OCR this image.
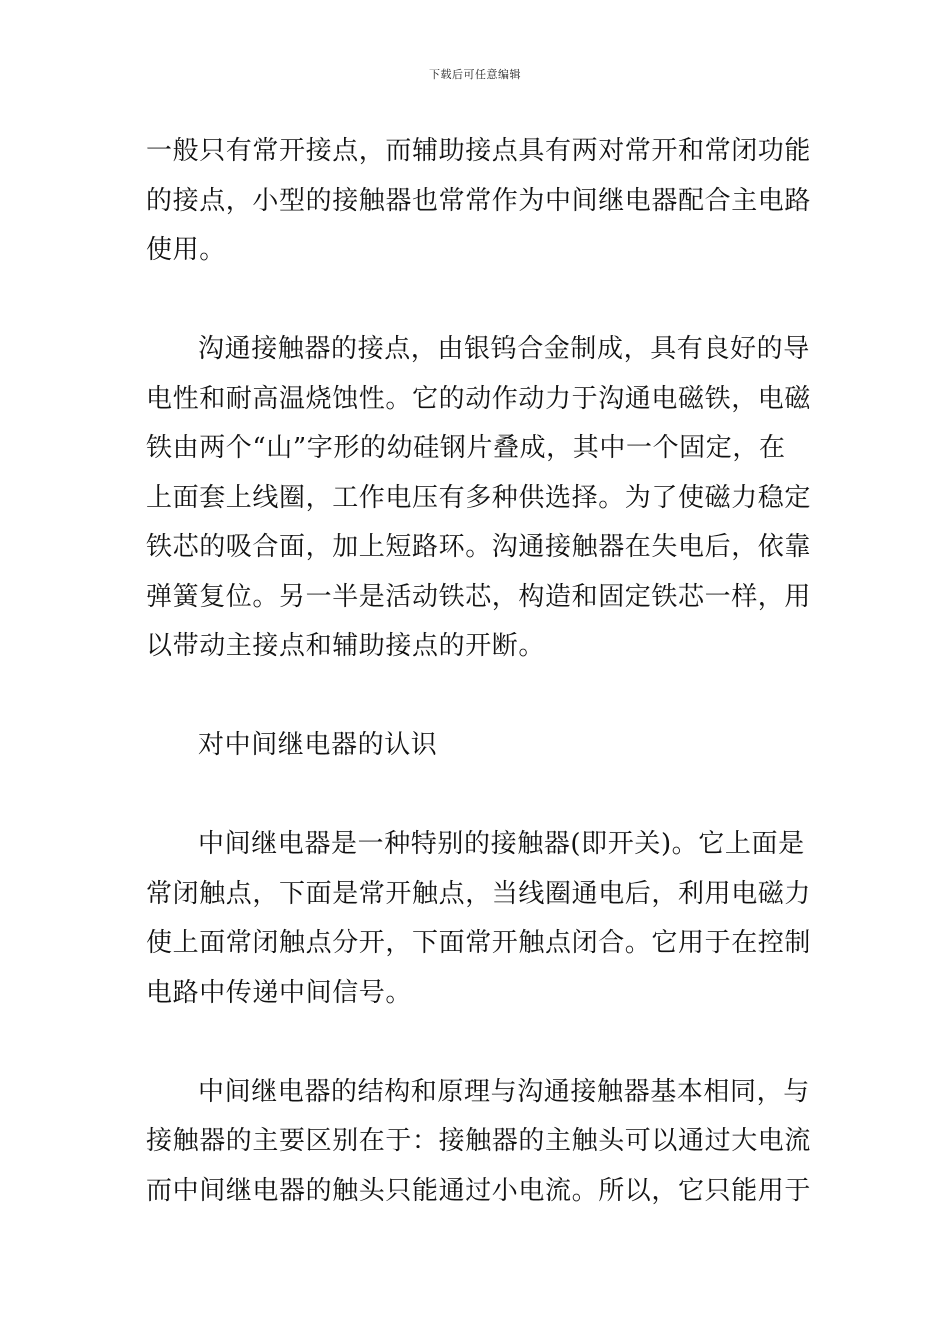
下载后可任意编辑
一般只有常开接点，而辅助接点具有两对常开和常闭功能
的接点，小型的接触器也常常作为中间继电器配合主电路
使用。
沟通接触器的接点，由银钨合金制成，具有良好的导
电性和耐高温烧蚀性。它的动作动力于沟通电磁铁，电磁
铁由两个“山”字形的幼硅钢片叠成，其中一个固定，在
上面套上线圈，工作电压有多种供选择。为了使磁力稳定
铁芯的吸合面，加上短路环。沟通接触器在失电后，依靠
弹簧复位。另一半是活动铁芯，构造和固定铁芯一样，用
以带动主接点和辅助接点的开断。
对中间继电器的认识
中间继电器是一种特别的接触器(即开关)。它上面是
常闭触点，下面是常开触点，当线圈通电后，利用电磁力
使上面常闭触点分开，下面常开触点闭合。它用于在控制
电路中传递中间信号。
中间继电器的结构和原理与沟通接触器基本相同，与
接触器的主要区别在于：接触器的主触头可以通过大电流
而中间继电器的触头只能通过小电流。所以，它只能用于
